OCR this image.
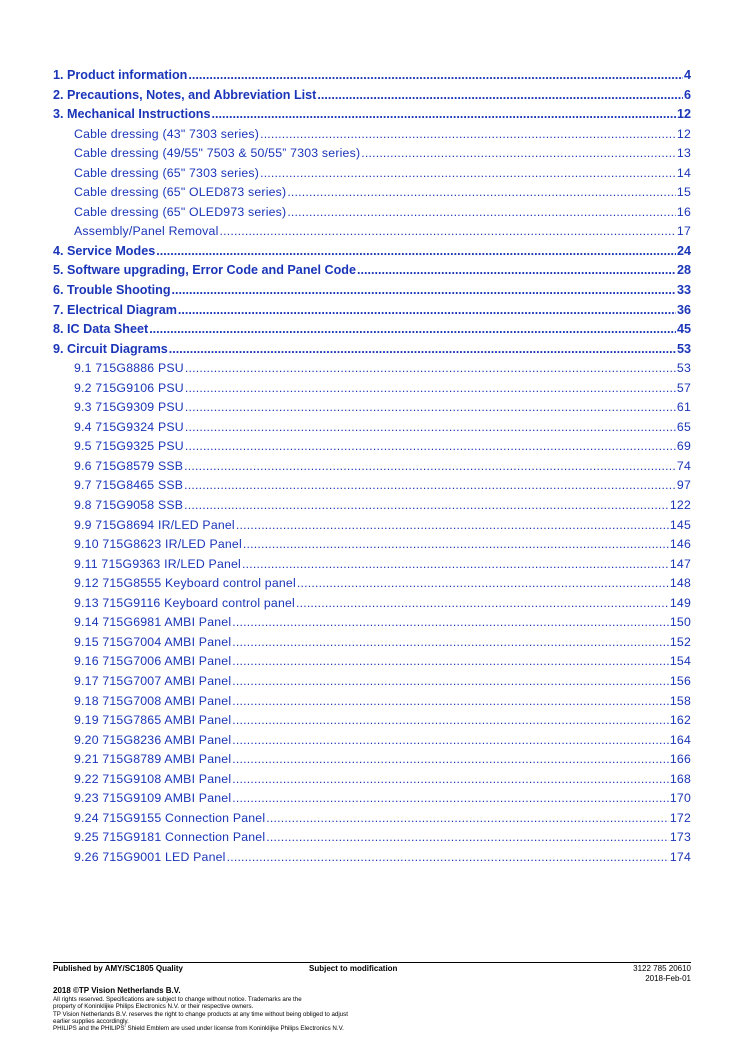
1. Product information .....	4
2. Precautions, Notes, and Abbreviation List .....	6
3. Mechanical Instructions .....	12
Cable dressing (43" 7303 series) .....	12
Cable dressing (49/55" 7503 & 50/55” 7303 series) .....	13
Cable dressing (65" 7303 series) .....	14
Cable dressing (65" OLED873 series) .....	15
Cable dressing (65" OLED973 series) .....	16
Assembly/Panel Removal .....	17
4. Service Modes .....	24
5. Software upgrading, Error Code and Panel Code .....	28
6. Trouble Shooting .....	33
7. Electrical Diagram .....	36
8. IC Data Sheet .....	45
9. Circuit Diagrams .....	53
9.1 715G8886 PSU .....	53
9.2 715G9106 PSU .....	57
9.3 715G9309 PSU .....	61
9.4 715G9324 PSU .....	65
9.5 715G9325 PSU .....	69
9.6 715G8579 SSB .....	74
9.7 715G8465 SSB .....	97
9.8 715G9058 SSB .....	122
9.9 715G8694 IR/LED Panel .....	145
9.10 715G8623 IR/LED Panel .....	146
9.11 715G9363 IR/LED Panel .....	147
9.12 715G8555 Keyboard control panel .....	148
9.13 715G9116 Keyboard control panel .....	149
9.14 715G6981 AMBI Panel .....	150
9.15 715G7004 AMBI Panel .....	152
9.16 715G7006 AMBI Panel .....	154
9.17 715G7007 AMBI Panel .....	156
9.18 715G7008 AMBI Panel .....	158
9.19 715G7865 AMBI Panel .....	162
9.20 715G8236 AMBI Panel .....	164
9.21 715G8789 AMBI Panel .....	166
9.22 715G9108 AMBI Panel .....	168
9.23 715G9109 AMBI Panel .....	170
9.24 715G9155 Connection Panel .....	172
9.25 715G9181 Connection Panel .....	173
9.26 715G9001 LED Panel .....	174
Published by AMY/SC1805 Quality	Subject to modification	3122 785 20610
2018-Feb-01
2018 ©TP Vision Netherlands B.V.
All rights reserved. Specifications are subject to change without notice. Trademarks are the
property of Koninklijke Philips Electronics N.V. or their respective owners.
TP Vision Netherlands B.V. reserves the right to change products at any time without being obliged to adjust
earlier supplies accordingly.
PHILIPS and the PHILIPS' Shield Emblem are used under license from Koninklijke Philips Electronics N.V.
